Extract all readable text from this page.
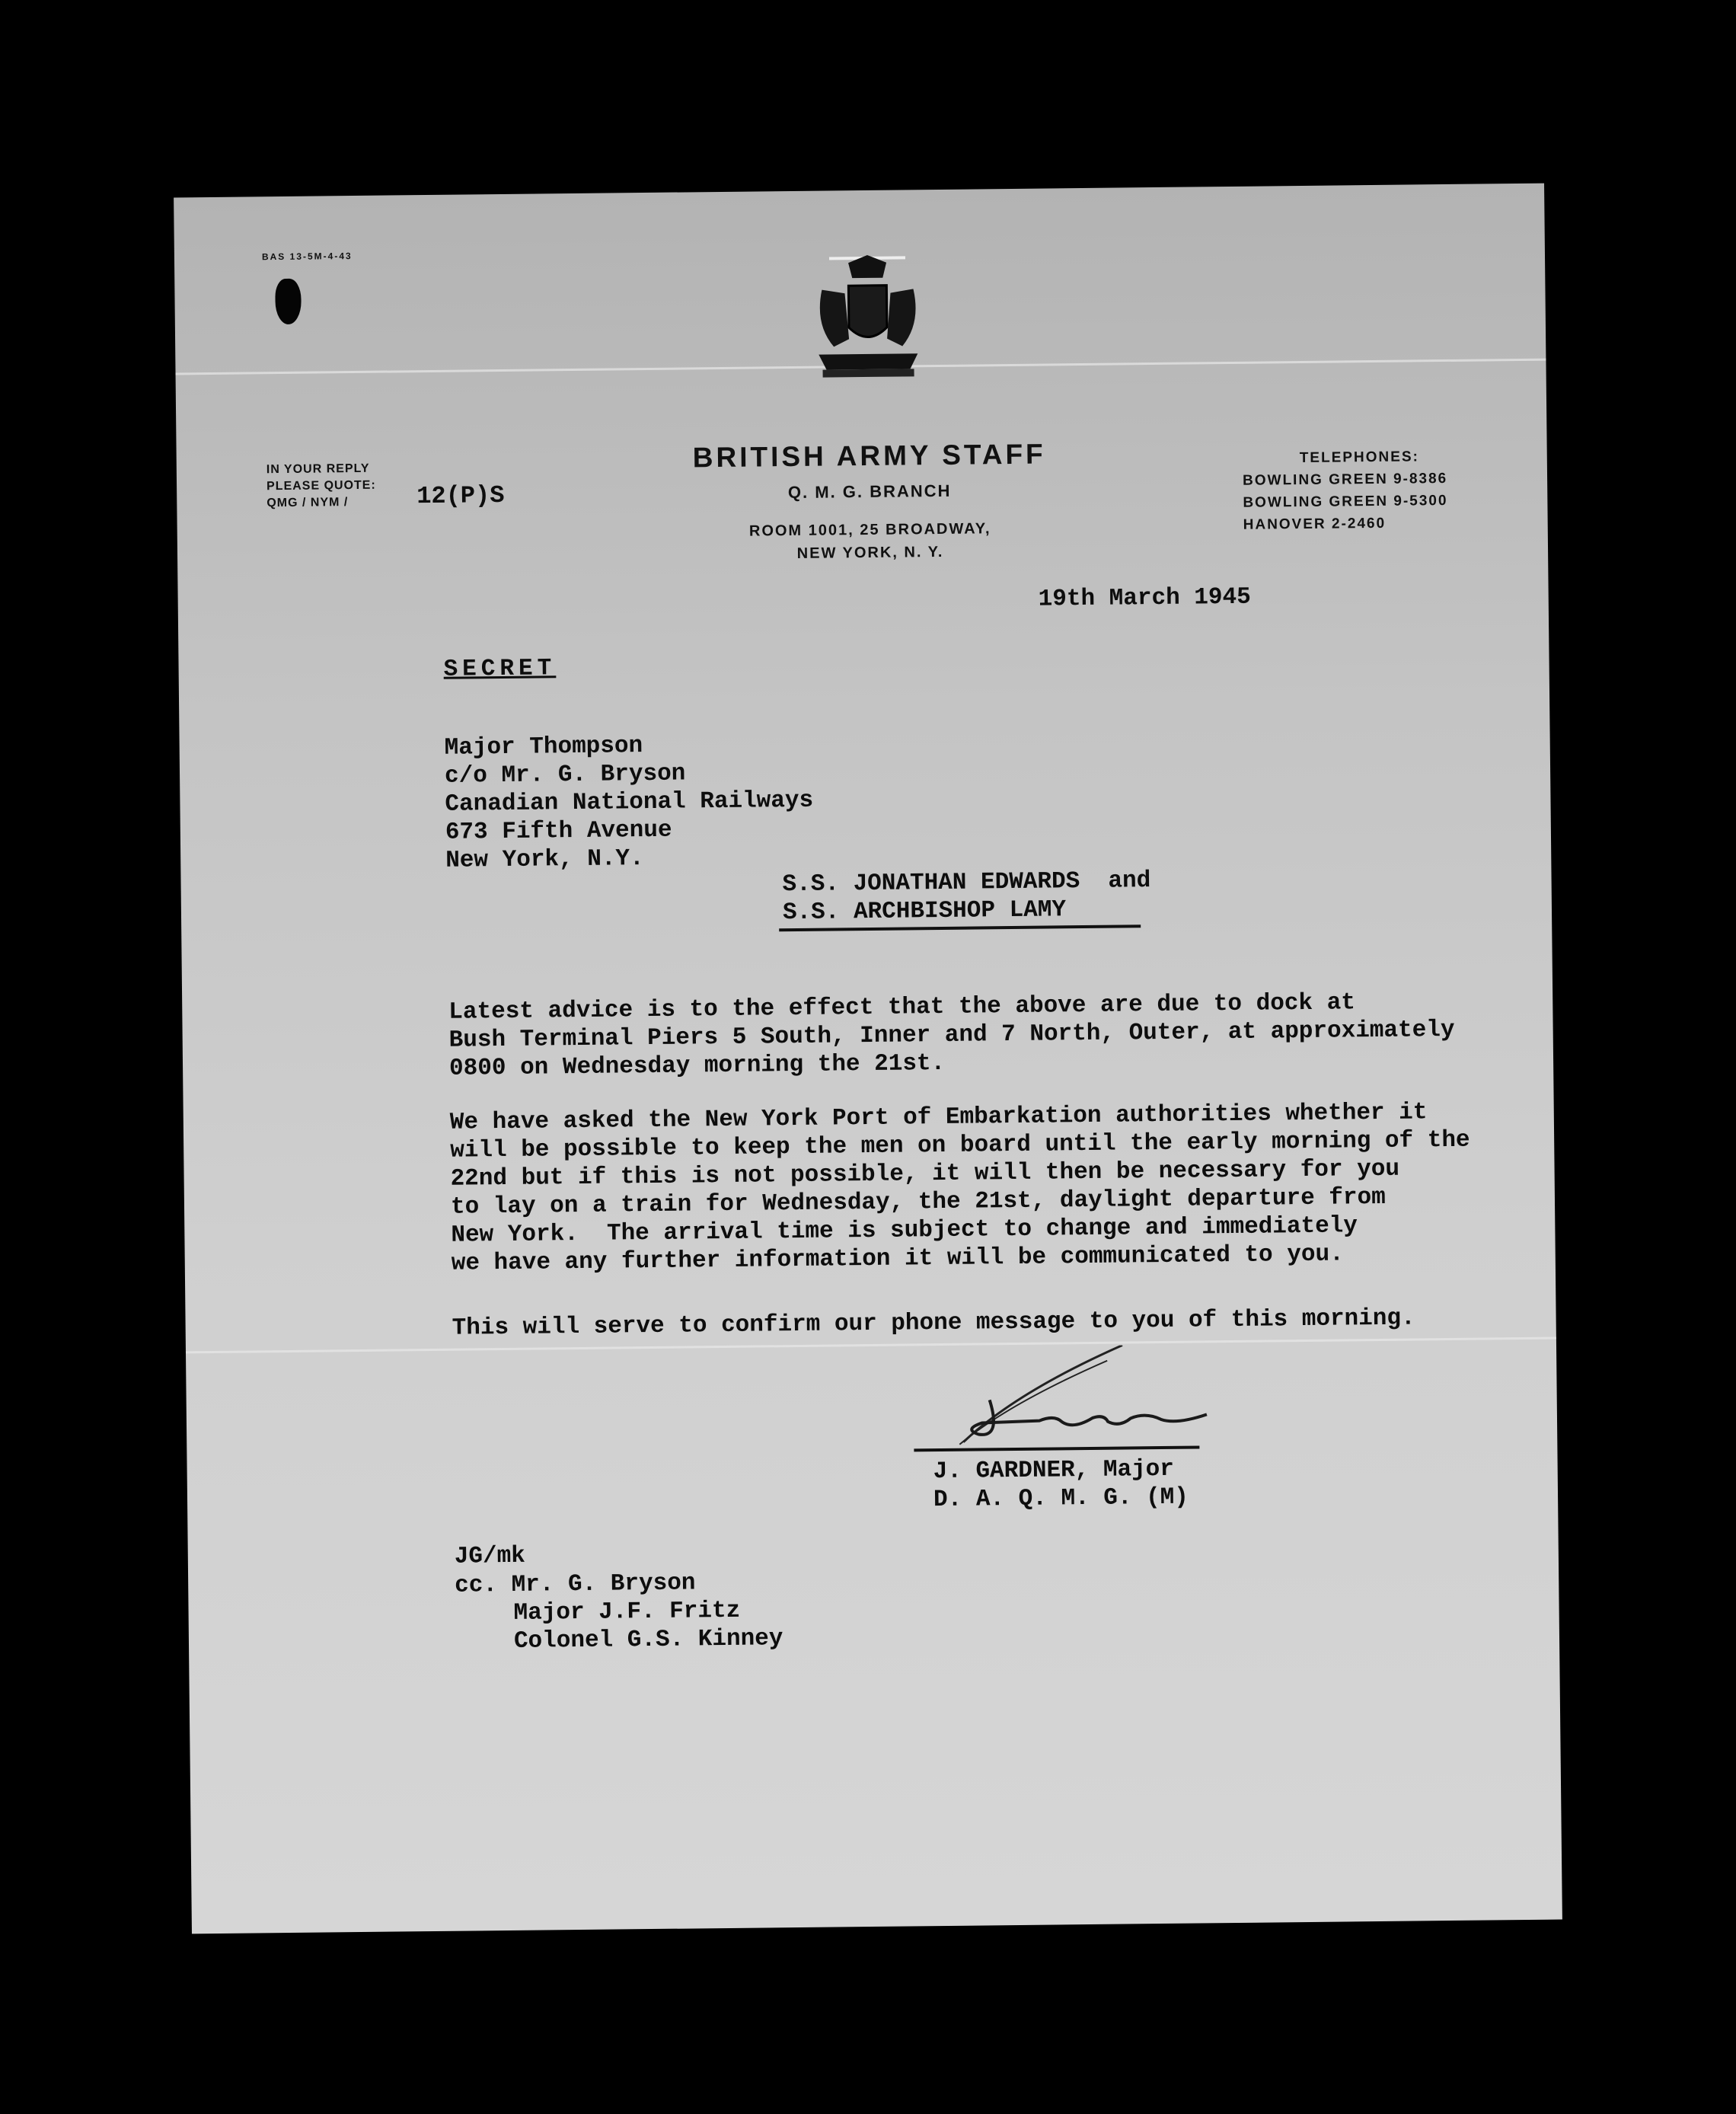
BAS 13-5M-4-43
IN YOUR REPLY
PLEASE QUOTE:
QMG / NYM /	12(P)S
BRITISH ARMY STAFF
Q. M. G. BRANCH
ROOM 1001, 25 BROADWAY,
NEW YORK, N. Y.
TELEPHONES:
BOWLING GREEN 9-8386
BOWLING GREEN 9-5300
HANOVER 2-2460
19th March 1945
SECRET
Major Thompson
c/o Mr. G. Bryson
Canadian National Railways
673 Fifth Avenue
New York, N.Y.
S.S. JONATHAN EDWARDS  and
S.S. ARCHBISHOP LAMY
Latest advice is to the effect that the above are due to dock at
Bush Terminal Piers 5 South, Inner and 7 North, Outer, at approximately
0800 on Wednesday morning the 21st.
We have asked the New York Port of Embarkation authorities whether it
will be possible to keep the men on board until the early morning of the
22nd but if this is not possible, it will then be necessary for you
to lay on a train for Wednesday, the 21st, daylight departure from
New York.  The arrival time is subject to change and immediately
we have any further information it will be communicated to you.
This will serve to confirm our phone message to you of this morning.
J. GARDNER, Major
D. A. Q. M. G. (M)
JG/mk
cc. Mr. G. Bryson
Major J.F. Fritz
Colonel G.S. Kinney
